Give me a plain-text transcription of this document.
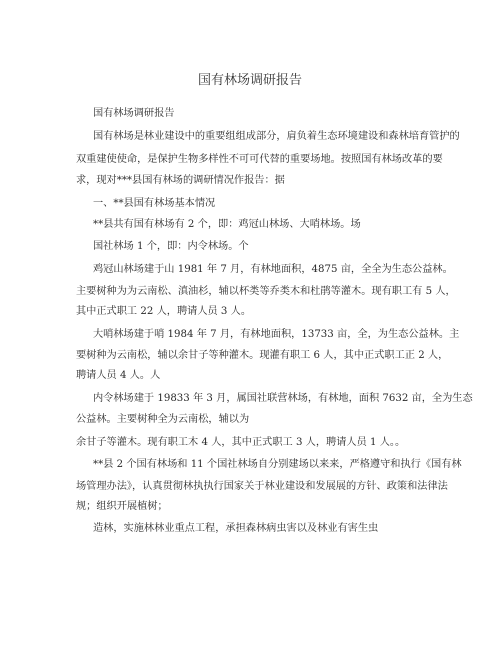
国有林场调研报告
国有林场调研报告
国有林场是林业建设中的重要组组成部分，肩负着生态环境建设和森林培育管护的
双重建使使命，是保护生物多样性不可可代替的重要场地。按照国有林场改革的要
求，现对***县国有林场的调研情况作报告：据
一、**县国有林场基本情况
**县共有国有林场有 2 个，即：鸡冠山林场、大哨林场。场
国社林场 1 个，即：内令林场。个
鸡冠山林场建于山 1981 年 7 月，有林地面积，4875 亩，全全为生态公益林。
主要树种为为云南松、滇油杉，辅以杯类等乔类木和杜鹃等灌木。现有职工有 5 人，
其中正式职工 22 人，聘请人员 3 人。
大哨林场建于哨 1984 年 7 月，有林地面积，13733 亩，全，为生态公益林。主
要树种为云南松，辅以余甘子等种灌木。现灌有职工 6 人，其中正式职工正 2 人，
聘请人员 4 人。人
内令林场建于 19833 年 3 月，属国社联营林场，有林地，面积 7632 亩，全为生态
公益林。主要树种全为云南松，辅以为
余甘子等灌木。现有职工木 4 人，其中正式职工 3 人，聘请人员 1 人。。
**县 2 个国有林场和 11 个国社林场自分别建场以来来，严格遵守和执行《国有林
场管理办法》，认真贯彻林执执行国家关于林业建设和发展展的方针、政策和法律法
规；组织开展植树；
造林，实施林林业重点工程，承担森林病虫害以及林业有害生虫
